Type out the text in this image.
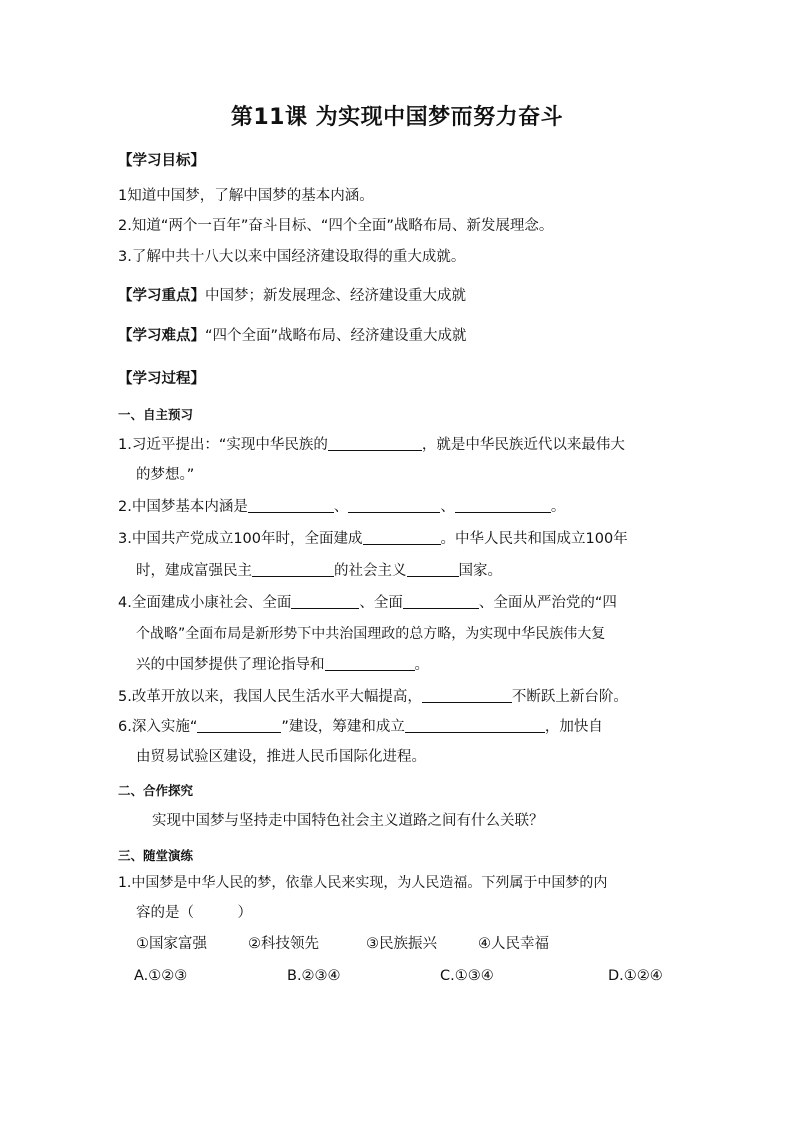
第11课 为实现中国梦而努力奋斗
【学习目标】
1知道中国梦，了解中国梦的基本内涵。
2.知道“两个一百年”奋斗目标、“四个全面”战略布局、新发展理念。
3.了解中共十八大以来中国经济建设取得的重大成就。
【学习重点】中国梦；新发展理念、经济建设重大成就
【学习难点】“四个全面”战略布局、经济建设重大成就
【学习过程】
一、自主预习
1.习近平提出：“实现中华民族的	，就是中华民族近代以来最伟大
的梦想。”
2.中国梦基本内涵是	、	、	。
3.中国共产党成立100年时，全面建成	。中华人民共和国成立100年
时，建成富强民主	的社会主义	国家。
4.全面建成小康社会、全面	、全面	、全面从严治党的“四
个战略”全面布局是新形势下中共治国理政的总方略，为实现中华民族伟大复
兴的中国梦提供了理论指导和	。
5.改革开放以来，我国人民生活水平大幅提高，	不断跃上新台阶。
6.深入实施“	”建设，筹建和成立	，加快自
由贸易试验区建设，推进人民币国际化进程。
二、合作探究
实现中国梦与坚持走中国特色社会主义道路之间有什么关联？
三、随堂演练
1.中国梦是中华人民的梦，依靠人民来实现，为人民造福。下列属于中国梦的内
容的是（　　　）
①国家富强	②科技领先	③民族振兴	④人民幸福
A.①②③	B.②③④	C.①③④	D.①②④
